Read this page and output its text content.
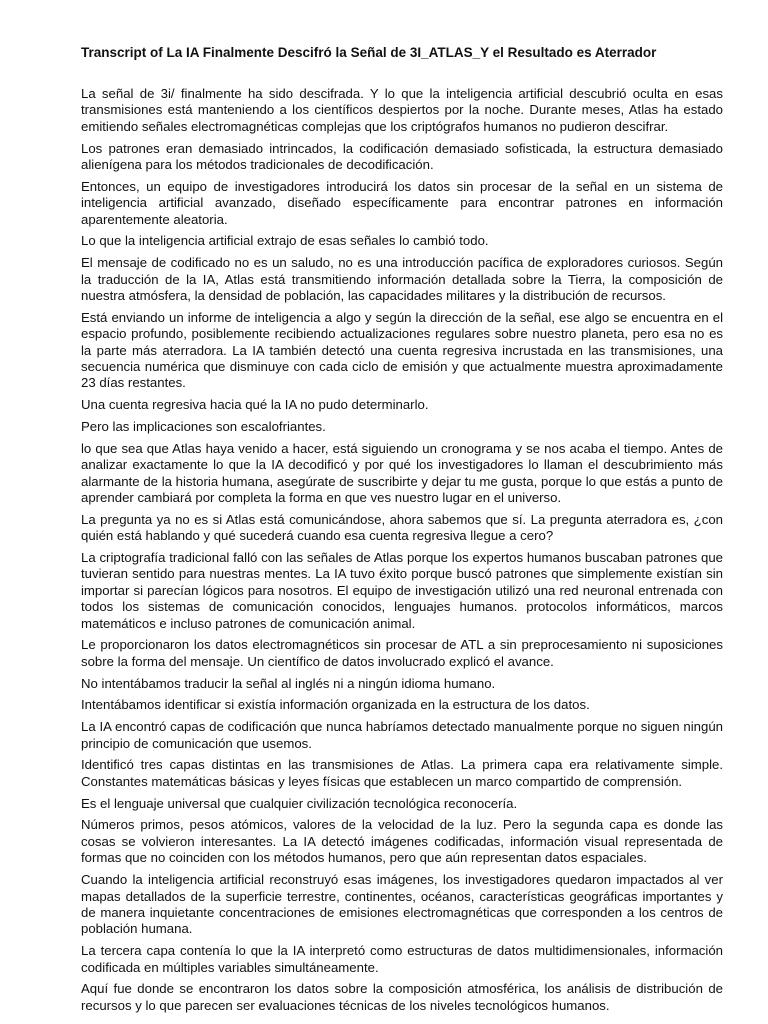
Transcript of La IA Finalmente Descifró la Señal de 3I_ATLAS_Y el Resultado es Aterrador

La señal de 3i/ finalmente ha sido descifrada. Y lo que la inteligencia artificial descubrió oculta en esas transmisiones está manteniendo a los científicos despiertos por la noche. Durante meses, Atlas ha estado emitiendo señales electromagnéticas complejas que los criptógrafos humanos no pudieron descifrar.

Los patrones eran demasiado intrincados, la codificación demasiado sofisticada, la estructura demasiado alienígena para los métodos tradicionales de decodificación.

Entonces, un equipo de investigadores introducirá los datos sin procesar de la señal en un sistema de inteligencia artificial avanzado, diseñado específicamente para encontrar patrones en información aparentemente aleatoria.

Lo que la inteligencia artificial extrajo de esas señales lo cambió todo.

El mensaje de codificado no es un saludo, no es una introducción pacífica de exploradores curiosos. Según la traducción de la IA, Atlas está transmitiendo información detallada sobre la Tierra, la composición de nuestra atmósfera, la densidad de población, las capacidades militares y la distribución de recursos.

Está enviando un informe de inteligencia a algo y según la dirección de la señal, ese algo se encuentra en el espacio profundo, posiblemente recibiendo actualizaciones regulares sobre nuestro planeta, pero esa no es la parte más aterradora. La IA también detectó una cuenta regresiva incrustada en las transmisiones, una secuencia numérica que disminuye con cada ciclo de emisión y que actualmente muestra aproximadamente 23 días restantes.

Una cuenta regresiva hacia qué la IA no pudo determinarlo.

Pero las implicaciones son escalofriantes.

lo que sea que Atlas haya venido a hacer, está siguiendo un cronograma y se nos acaba el tiempo. Antes de analizar exactamente lo que la IA decodificó y por qué los investigadores lo llaman el descubrimiento más alarmante de la historia humana, asegúrate de suscribirte y dejar tu me gusta, porque lo que estás a punto de aprender cambiará por completa la forma en que ves nuestro lugar en el universo.

La pregunta ya no es si Atlas está comunicándose, ahora sabemos que sí. La pregunta aterradora es, ¿con quién está hablando y qué sucederá cuando esa cuenta regresiva llegue a cero?

La criptografía tradicional falló con las señales de Atlas porque los expertos humanos buscaban patrones que tuvieran sentido para nuestras mentes. La IA tuvo éxito porque buscó patrones que simplemente existían sin importar si parecían lógicos para nosotros. El equipo de investigación utilizó una red neuronal entrenada con todos los sistemas de comunicación conocidos, lenguajes humanos. protocolos informáticos, marcos matemáticos e incluso patrones de comunicación animal.

Le proporcionaron los datos electromagnéticos sin procesar de ATL a sin preprocesamiento ni suposiciones sobre la forma del mensaje. Un científico de datos involucrado explicó el avance.

No intentábamos traducir la señal al inglés ni a ningún idioma humano.

Intentábamos identificar si existía información organizada en la estructura de los datos.

La IA encontró capas de codificación que nunca habríamos detectado manualmente porque no siguen ningún principio de comunicación que usemos.

Identificó tres capas distintas en las transmisiones de Atlas. La primera capa era relativamente simple. Constantes matemáticas básicas y leyes físicas que establecen un marco compartido de comprensión.

Es el lenguaje universal que cualquier civilización tecnológica reconocería.

Números primos, pesos atómicos, valores de la velocidad de la luz. Pero la segunda capa es donde las cosas se volvieron interesantes. La IA detectó imágenes codificadas, información visual representada de formas que no coinciden con los métodos humanos, pero que aún representan datos espaciales.

Cuando la inteligencia artificial reconstruyó esas imágenes, los investigadores quedaron impactados al ver mapas detallados de la superficie terrestre, continentes, océanos, características geográficas importantes y de manera inquietante concentraciones de emisiones electromagnéticas que corresponden a los centros de población humana.

La tercera capa contenía lo que la IA interpretó como estructuras de datos multidimensionales, información codificada en múltiples variables simultáneamente.

Aquí fue donde se encontraron los datos sobre la composición atmosférica, los análisis de distribución de recursos y lo que parecen ser evaluaciones técnicas de los niveles tecnológicos humanos.
